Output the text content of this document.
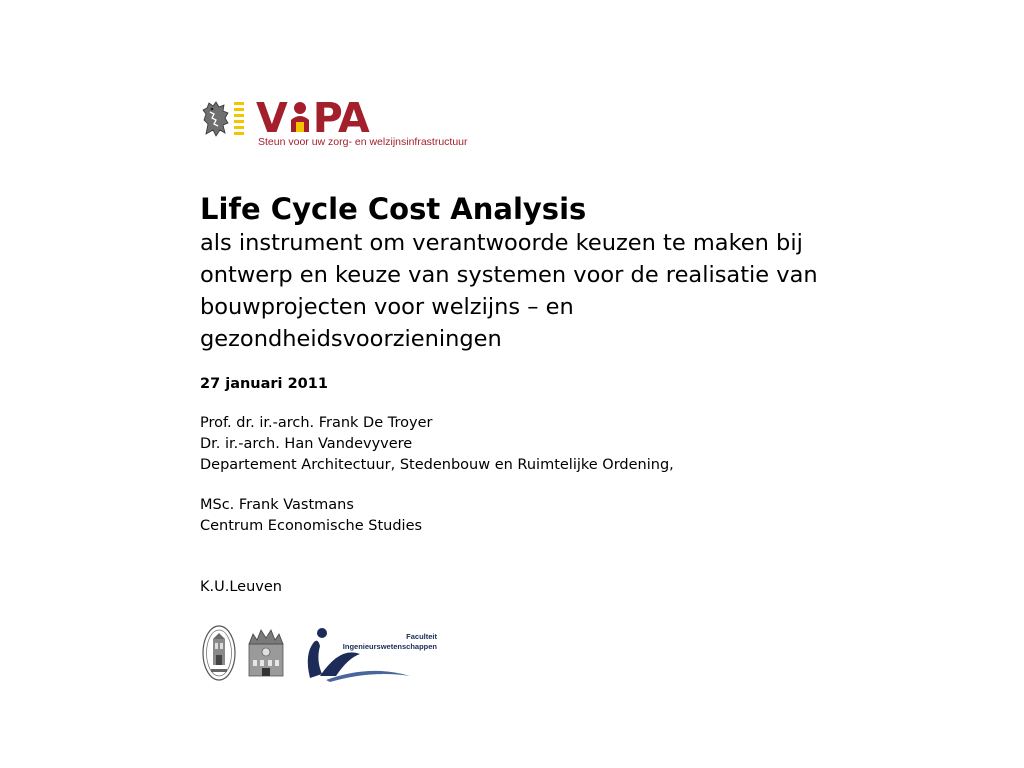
V PA
Steun voor uw zorg- en welzijnsinfrastructuur
Life Cycle Cost Analysis
als instrument om verantwoorde keuzen te maken bij
ontwerp en keuze van systemen voor de realisatie van
bouwprojecten voor welzijns – en
gezondheidsvoorzieningen
27 januari 2011
Prof. dr. ir.-arch. Frank De Troyer
Dr. ir.-arch. Han Vandevyvere
Departement Architectuur, Stedenbouw en Ruimtelijke Ordening,
MSc. Frank Vastmans
Centrum Economische Studies
K.U.Leuven
Faculteit
Ingenieurswetenschappen
